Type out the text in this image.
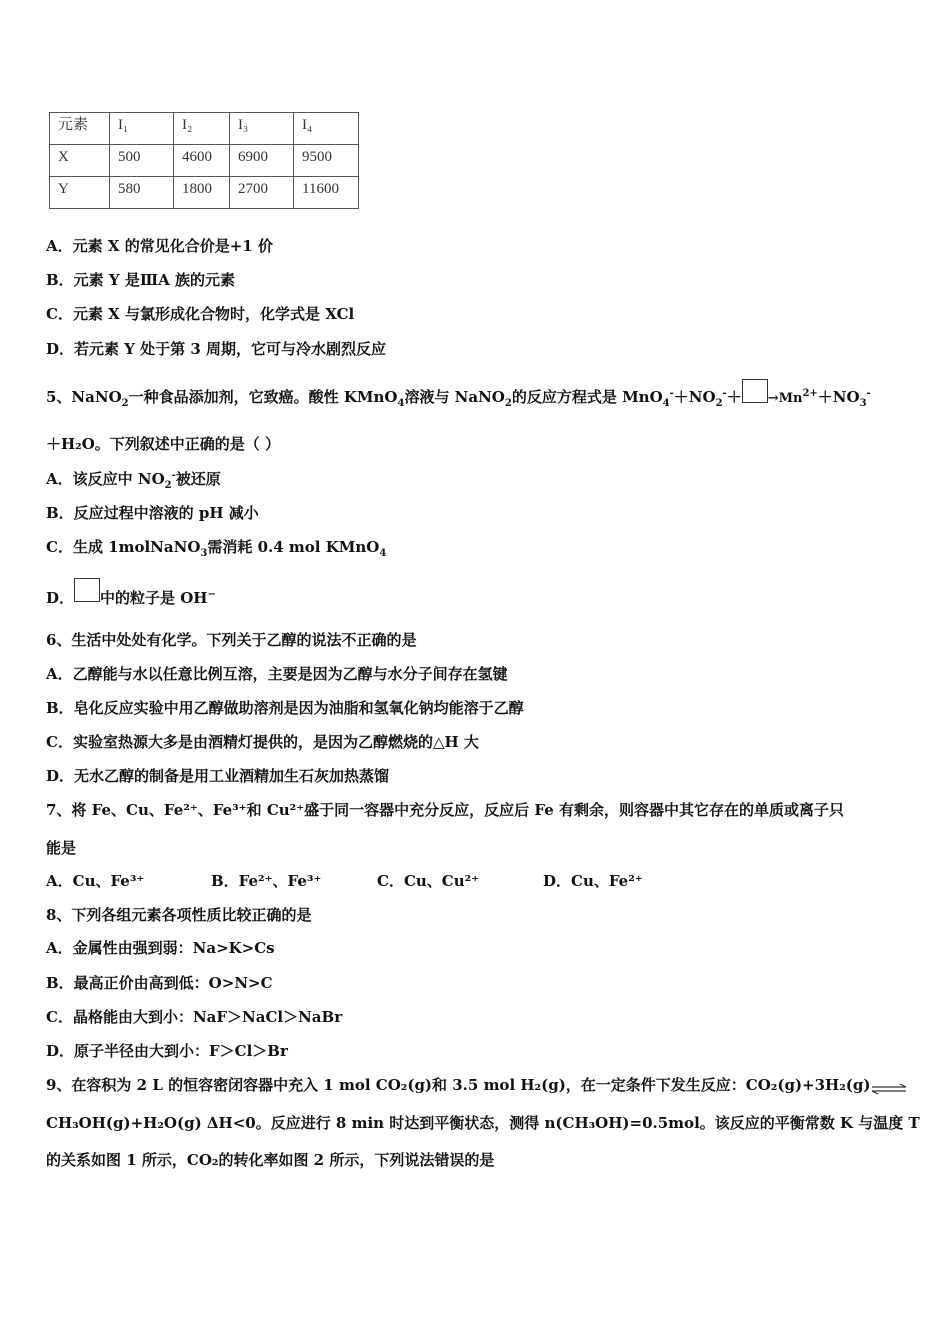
元素	I₁	I₂	I₃	I₄
X	500	4600	6900	9500
Y	580	1800	2700	11600
A．元素 X 的常见化合价是+1 价
B．元素 Y 是ⅢA 族的元素
C．元素 X 与氯形成化合物时，化学式是 XCl
D．若元素 Y 处于第 3 周期，它可与冷水剧烈反应
5、NaNO$_2$一种食品添加剂，它致癌。酸性 KMnO$_4$溶液与 NaNO$_2$的反应方程式是 $MnO_4^-+NO_2^-+ \to Mn^{2+}+NO_3^-$
＋H₂O。下列叙述中正确的是（ ）
A．该反应中 $NO_2^-$被还原
B．反应过程中溶液的 pH 减小
C．生成 1molNaNO$_3$需消耗 0.4 mol KMnO$_4$
D． 中的粒子是 OH−
6、生活中处处有化学。下列关于乙醇的说法不正确的是
A．乙醇能与水以任意比例互溶，主要是因为乙醇与水分子间存在氢键
B．皂化反应实验中用乙醇做助溶剂是因为油脂和氢氧化钠均能溶于乙醇
C．实验室热源大多是由酒精灯提供的，是因为乙醇燃烧的△H 大
D．无水乙醇的制备是用工业酒精加生石灰加热蒸馏
7、将 Fe、Cu、Fe²⁺、Fe³⁺和 Cu²⁺盛于同一容器中充分反应，反应后 Fe 有剩余，则容器中其它存在的单质或离子只
能是
A．Cu、Fe³⁺	B．Fe²⁺、Fe³⁺	C．Cu、Cu²⁺	D．Cu、Fe²⁺
8、下列各组元素各项性质比较正确的是
A．金属性由强到弱：Na>K>Cs
B．最高正价由高到低：O>N>C
C．晶格能由大到小：NaF＞NaCl＞NaBr
D．原子半径由大到小：F＞Cl＞Br
9、在容积为 2 L 的恒容密闭容器中充入 1 mol CO₂(g)和 3.5 mol H₂(g)，在一定条件下发生反应：CO₂(g)+3H₂(g)⇌
CH₃OH(g)+H₂O(g) ΔH<0。反应进行 8 min 时达到平衡状态，测得 n(CH₃OH)=0.5mol。该反应的平衡常数 K 与温度 T
的关系如图 1 所示，CO₂的转化率如图 2 所示，下列说法错误的是
